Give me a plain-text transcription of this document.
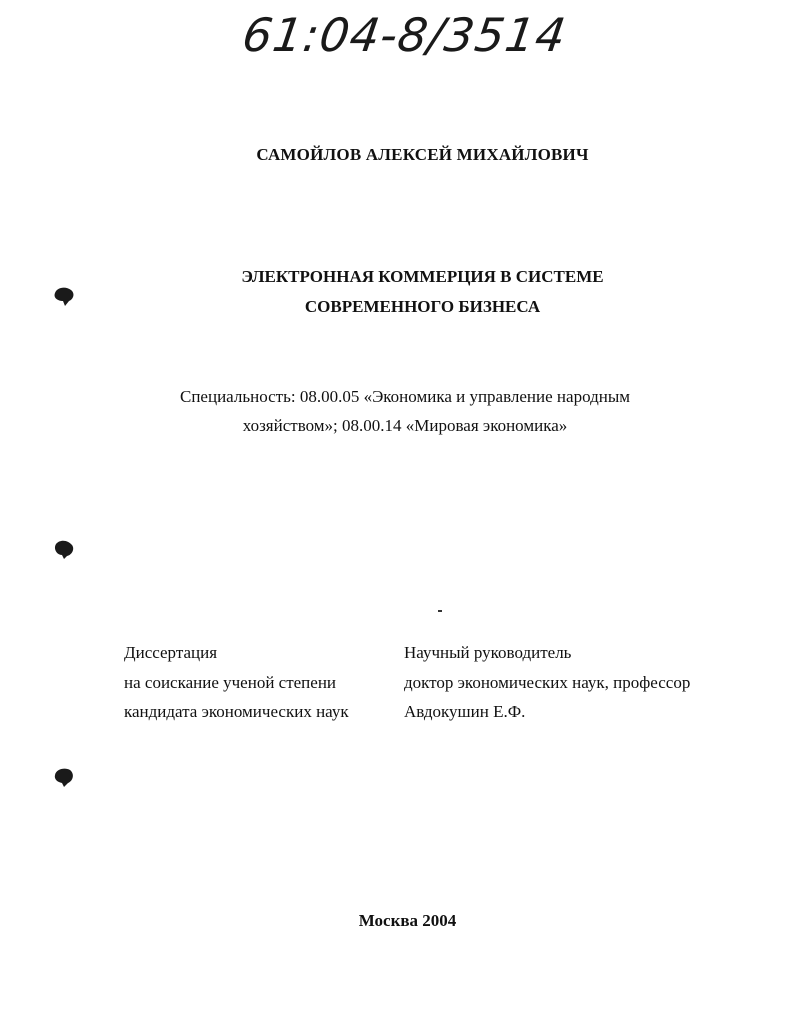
61:04-8/3514
САМОЙЛОВ АЛЕКСЕЙ МИХАЙЛОВИЧ
ЭЛЕКТРОННАЯ КОММЕРЦИЯ В СИСТЕМЕ
СОВРЕМЕННОГО БИЗНЕСА
Специальность: 08.00.05 «Экономика и управление народным
хозяйством»; 08.00.14 «Мировая экономика»
Диссертация
на соискание ученой степени
кандидата экономических наук
Научный руководитель
доктор экономических наук, профессор
Авдокушин Е.Ф.
Москва 2004
